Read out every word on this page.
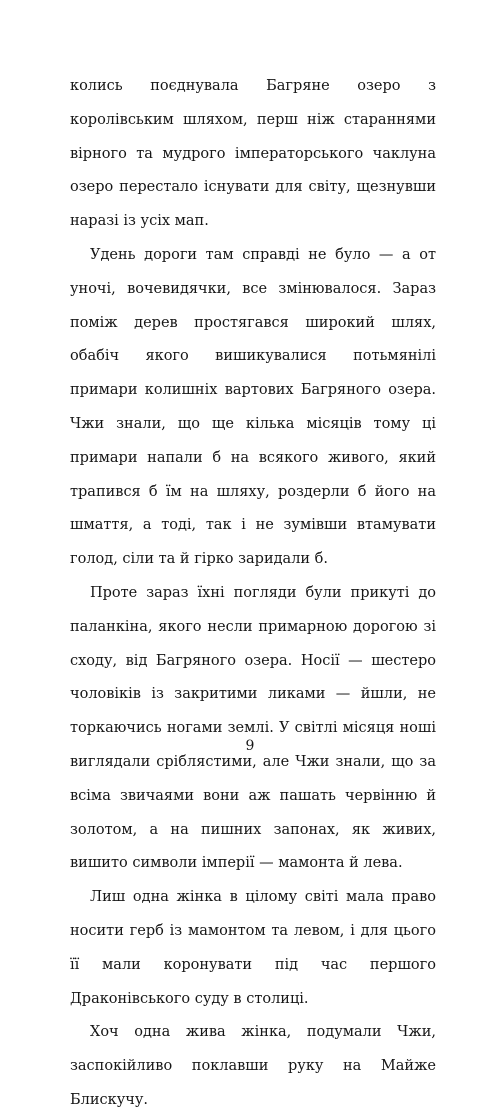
колись поєднувала Багряне озеро з королівським шляхом, перш ніж стараннями вірного та мудрого імператорського чаклуна озеро перестало існувати для світу, щезнувши наразі із усіх мап.

Удень дороги там справді не було — а от уночі, вочевидячки, все змінювалося. Зараз поміж дерев простягався широкий шлях, обабіч якого вишикувалися потьмянілі примари колишніх вартових Багряного озера. Чжи знали, що ще кілька місяців тому ці примари напали б на всякого живого, який трапився б їм на шляху, роздерли б його на шмаття, а тоді, так і не зумівши втамувати голод, сіли та й гірко заридали б.

Проте зараз їхні погляди були прикуті до паланкіна, якого несли примарною дорогою зі сходу, від Багряного озера. Носії — шестеро чоловіків із закритими ликами — йшли, не торкаючись ногами землі. У світлі місяця ноші виглядали сріблястими, але Чжи знали, що за всіма звичаями вони аж пашать червінню й золотом, а на пишних запонах, як живих, вишито символи імперії — мамонта й лева.

Лиш одна жінка в цілому світі мала право носити герб із мамонтом та левом, і для цього її мали коронувати під час першого Драконівського суду в столиці.

Хоч одна жива жінка, подумали Чжи, заспокійливо поклавши руку на Майже Блискучу.

9
